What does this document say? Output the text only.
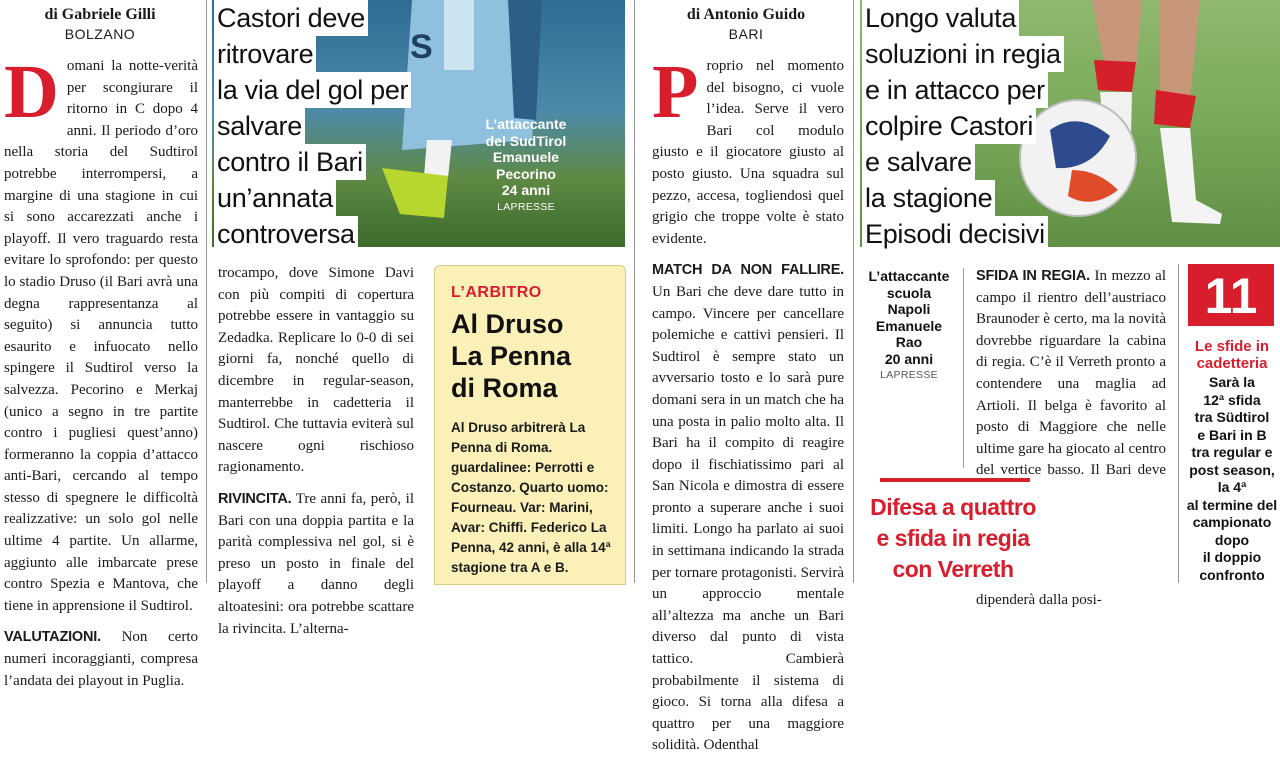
di Gabriele Gilli
BOLZANO
D omani la notte-verità per scongiurare il ritorno in C dopo 4 anni. Il periodo d’oro nella storia del Sudtirol potrebbe interrompersi, a margine di una stagione in cui si sono accarezzati anche i playoff. Il vero traguardo resta evitare lo sprofondo: per questo lo stadio Druso (il Bari avrà una degna rappresentanza al seguito) si annuncia tutto esaurito e infuocato nello spingere il Sudtirol verso la salvezza. Pecorino e Merkaj (unico a segno in tre partite contro i pugliesi quest’anno) formeranno la coppia d’attacco anti-Bari, cercando al tempo stesso di spegnere le difficoltà realizzative: un solo gol nelle ultime 4 partite. Un allarme, aggiunto alle imbarcate prese contro Spezia e Mantova, che tiene in apprensione il Sudtirol.

VALUTAZIONI. Non certo numeri incoraggianti, compresa l’andata dei playout in Puglia.

S
L’attaccante
del SudTirol
Emanuele
Pecorino
24 anni
LAPRESSE
Castori deve
ritrovare
la via del gol per
salvare
contro il Bari
un’annata
controversa

trocampo, dove Simone Davi con più compiti di copertura potrebbe essere in vantaggio su Zedadka. Replicare lo 0-0 di sei giorni fa, nonché quello di dicembre in regular-season, manterrebbe in cadetteria il Sudtirol. Che tuttavia eviterà sul nascere ogni rischioso ragionamento.

RIVINCITA. Tre anni fa, però, il Bari con una doppia partita e la parità complessiva nel gol, si è preso un posto in finale del playoff a danno degli altoatesini: ora potrebbe scattare la rivincita. L’alterna-

L’ARBITRO
Al Druso
La Penna
di Roma
Al Druso arbitrerà La Penna di Roma. guardalinee: Perrotti e Costanzo. Quarto uomo: Fourneau. Var: Marini, Avar: Chiffi. Federico La Penna, 42 anni, è alla 14ª stagione tra A e B.
di Antonio Guido
BARI
P roprio nel momento del bisogno, ci vuole l’idea. Serve il vero Bari col modulo giusto e il giocatore giusto al posto giusto. Una squadra sul pezzo, accesa, togliendosi quel grigio che troppe volte è stato evidente.

MATCH DA NON FALLIRE. Un Bari che deve dare tutto in campo. Vincere per cancellare polemiche e cattivi pensieri. Il Sudtirol è sempre stato un avversario tosto e lo sarà pure domani sera in un match che ha una posta in palio molto alta. Il Bari ha il compito di reagire dopo il fischiatissimo pari al San Nicola e dimostra di essere pronto a superare anche i suoi limiti. Longo ha parlato ai suoi in settimana indicando la strada per tornare protagonisti. Servirà un approccio mentale all’altezza ma anche un Bari diverso dal punto di vista tattico. Cambierà probabilmente il sistema di gioco. Si torna alla difesa a quattro per una maggiore solidità. Odenthal

Longo valuta
soluzioni in regia
e in attacco per
colpire Castori
e salvare
la stagione
Episodi decisivi
L’attaccante
scuola
Napoli
Emanuele
Rao
20 anni
LAPRESSE

SFIDA IN REGIA. In mezzo al campo il rientro dell’austriaco Braunoder è certo, ma la novità dovrebbe riguardare la cabina di regia. C’è il Verreth pronto a contendere una maglia ad Artioli. Il belga è favorito al posto di Maggiore che nelle ultime gare ha giocato al centro del vertice basso. Il Bari deve dipenderà dalla posi-

Difesa a quattro
e sfida in regia
con Verreth
11
Le sfide in
cadetteria
Sarà la
12ª sfida
tra Südtirol
e Bari in B
tra regular e
post season,
la 4ª
al termine del
campionato
dopo
il doppio
confronto
